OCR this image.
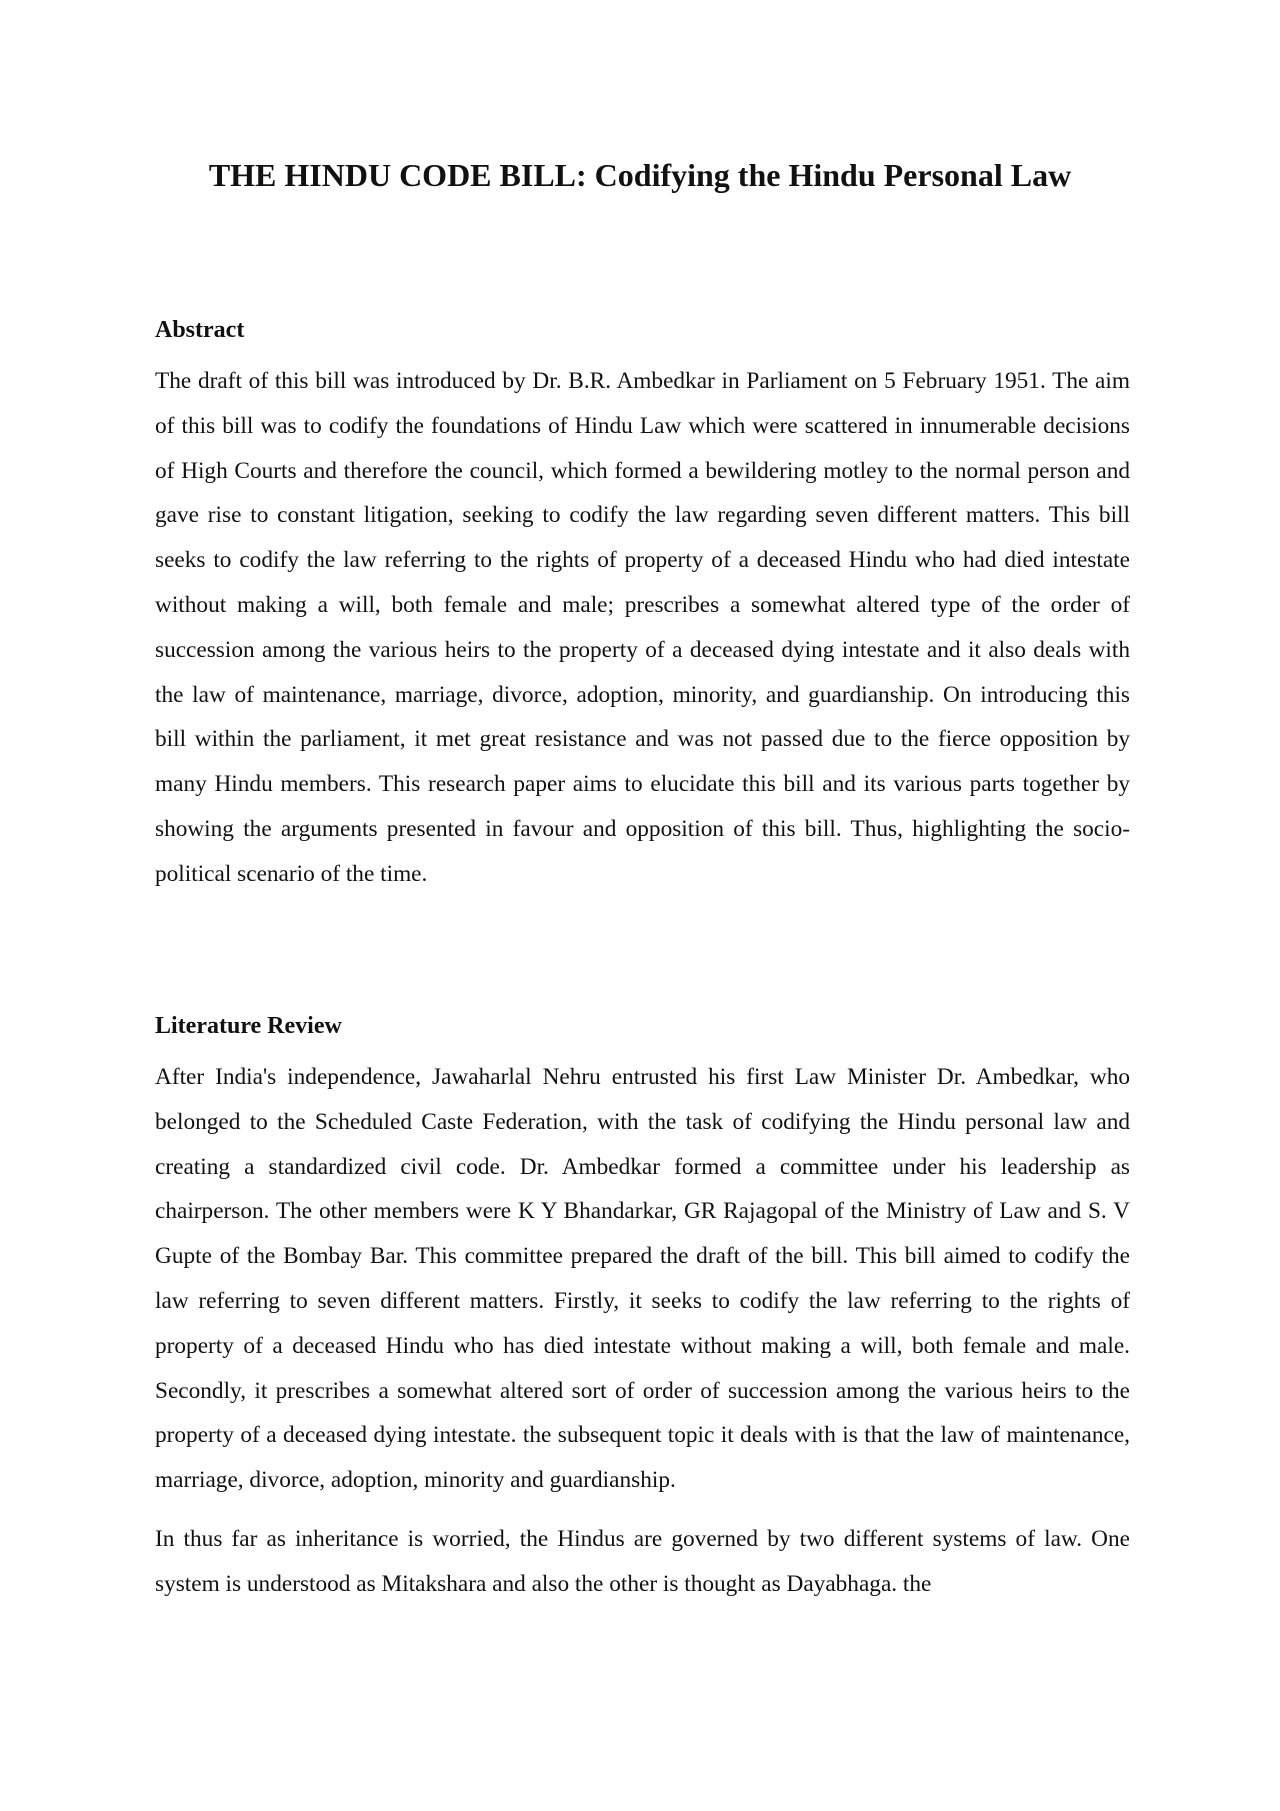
THE HINDU CODE BILL: Codifying the Hindu Personal Law
Abstract

The draft of this bill was introduced by Dr. B.R. Ambedkar in Parliament on 5 February 1951. The aim of this bill was to codify the foundations of Hindu Law which were scattered in innumerable decisions of High Courts and therefore the council, which formed a bewildering motley to the normal person and gave rise to constant litigation, seeking to codify the law regarding seven different matters. This bill seeks to codify the law referring to the rights of property of a deceased Hindu who had died intestate without making a will, both female and male; prescribes a somewhat altered type of the order of succession among the various heirs to the property of a deceased dying intestate and it also deals with the law of maintenance, marriage, divorce, adoption, minority, and guardianship. On introducing this bill within the parliament, it met great resistance and was not passed due to the fierce opposition by many Hindu members. This research paper aims to elucidate this bill and its various parts together by showing the arguments presented in favour and opposition of this bill. Thus, highlighting the socio-political scenario of the time.

Literature Review

After India's independence, Jawaharlal Nehru entrusted his first Law Minister Dr. Ambedkar, who belonged to the Scheduled Caste Federation, with the task of codifying the Hindu personal law and creating a standardized civil code. Dr. Ambedkar formed a committee under his leadership as chairperson. The other members were K Y Bhandarkar, GR Rajagopal of the Ministry of Law and S. V Gupte of the Bombay Bar. This committee prepared the draft of the bill. This bill aimed to codify the law referring to seven different matters. Firstly, it seeks to codify the law referring to the rights of property of a deceased Hindu who has died intestate without making a will, both female and male. Secondly, it prescribes a somewhat altered sort of order of succession among the various heirs to the property of a deceased dying intestate. the subsequent topic it deals with is that the law of maintenance, marriage, divorce, adoption, minority and guardianship.

In thus far as inheritance is worried, the Hindus are governed by two different systems of law. One system is understood as Mitakshara and also the other is thought as Dayabhaga. the
